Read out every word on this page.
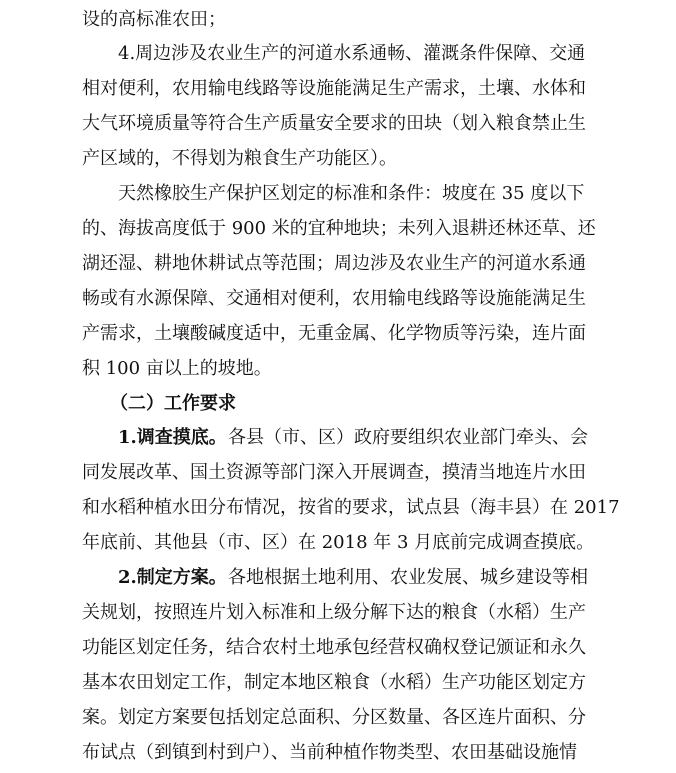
设的高标准农田；
4.周边涉及农业生产的河道水系通畅、灌溉条件保障、交通
相对便利，农用输电线路等设施能满足生产需求，土壤、水体和
大气环境质量等符合生产质量安全要求的田块（划入粮食禁止生
产区域的，不得划为粮食生产功能区）。
天然橡胶生产保护区划定的标准和条件：坡度在 35 度以下
的、海拔高度低于 900 米的宜种地块；未列入退耕还林还草、还
湖还湿、耕地休耕试点等范围；周边涉及农业生产的河道水系通
畅或有水源保障、交通相对便利，农用输电线路等设施能满足生
产需求，土壤酸碱度适中，无重金属、化学物质等污染，连片面
积 100 亩以上的坡地。
（二）工作要求
1.调查摸底。 各县（市、区）政府要组织农业部门牵头、会
同发展改革、国土资源等部门深入开展调查，摸清当地连片水田
和水稻种植水田分布情况，按省的要求，试点县（海丰县）在 2017
年底前、其他县（市、区）在 2018 年 3 月底前完成调查摸底。
2.制定方案。 各地根据土地利用、农业发展、城乡建设等相
关规划，按照连片划入标准和上级分解下达的粮食（水稻）生产
功能区划定任务，结合农村土地承包经营权确权登记颁证和永久
基本农田划定工作，制定本地区粮食（水稻）生产功能区划定方
案。划定方案要包括划定总面积、分区数量、各区连片面积、分
布试点（到镇到村到户）、当前种植作物类型、农田基础设施情
